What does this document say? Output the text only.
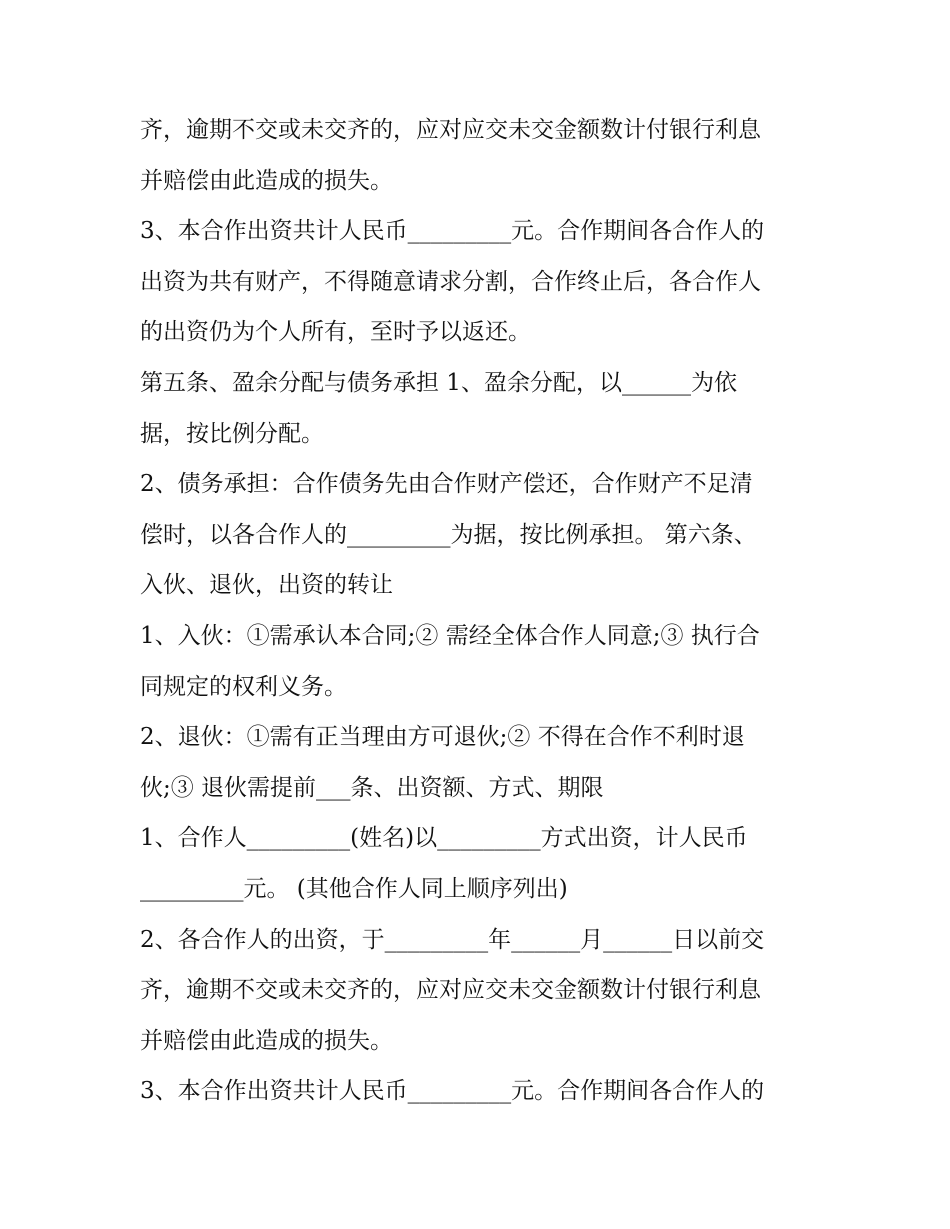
齐，逾期不交或未交齐的，应对应交未交金额数计付银行利息
并赔偿由此造成的损失。
3、本合作出资共计人民币_________元。合作期间各合作人的
出资为共有财产，不得随意请求分割，合作终止后，各合作人
的出资仍为个人所有，至时予以返还。
第五条、盈余分配与债务承担 1、盈余分配，以______为依
据，按比例分配。
2、债务承担：合作债务先由合作财产偿还，合作财产不足清
偿时，以各合作人的_________为据，按比例承担。 第六条、
入伙、退伙，出资的转让
1、入伙：①需承认本合同;② 需经全体合作人同意;③ 执行合
同规定的权利义务。
2、退伙：①需有正当理由方可退伙;② 不得在合作不利时退
伙;③ 退伙需提前___条、出资额、方式、期限
1、合作人_________(姓名)以_________方式出资，计人民币
_________元。 (其他合作人同上顺序列出)
2、各合作人的出资，于_________年______月______日以前交
齐，逾期不交或未交齐的，应对应交未交金额数计付银行利息
并赔偿由此造成的损失。
3、本合作出资共计人民币_________元。合作期间各合作人的
